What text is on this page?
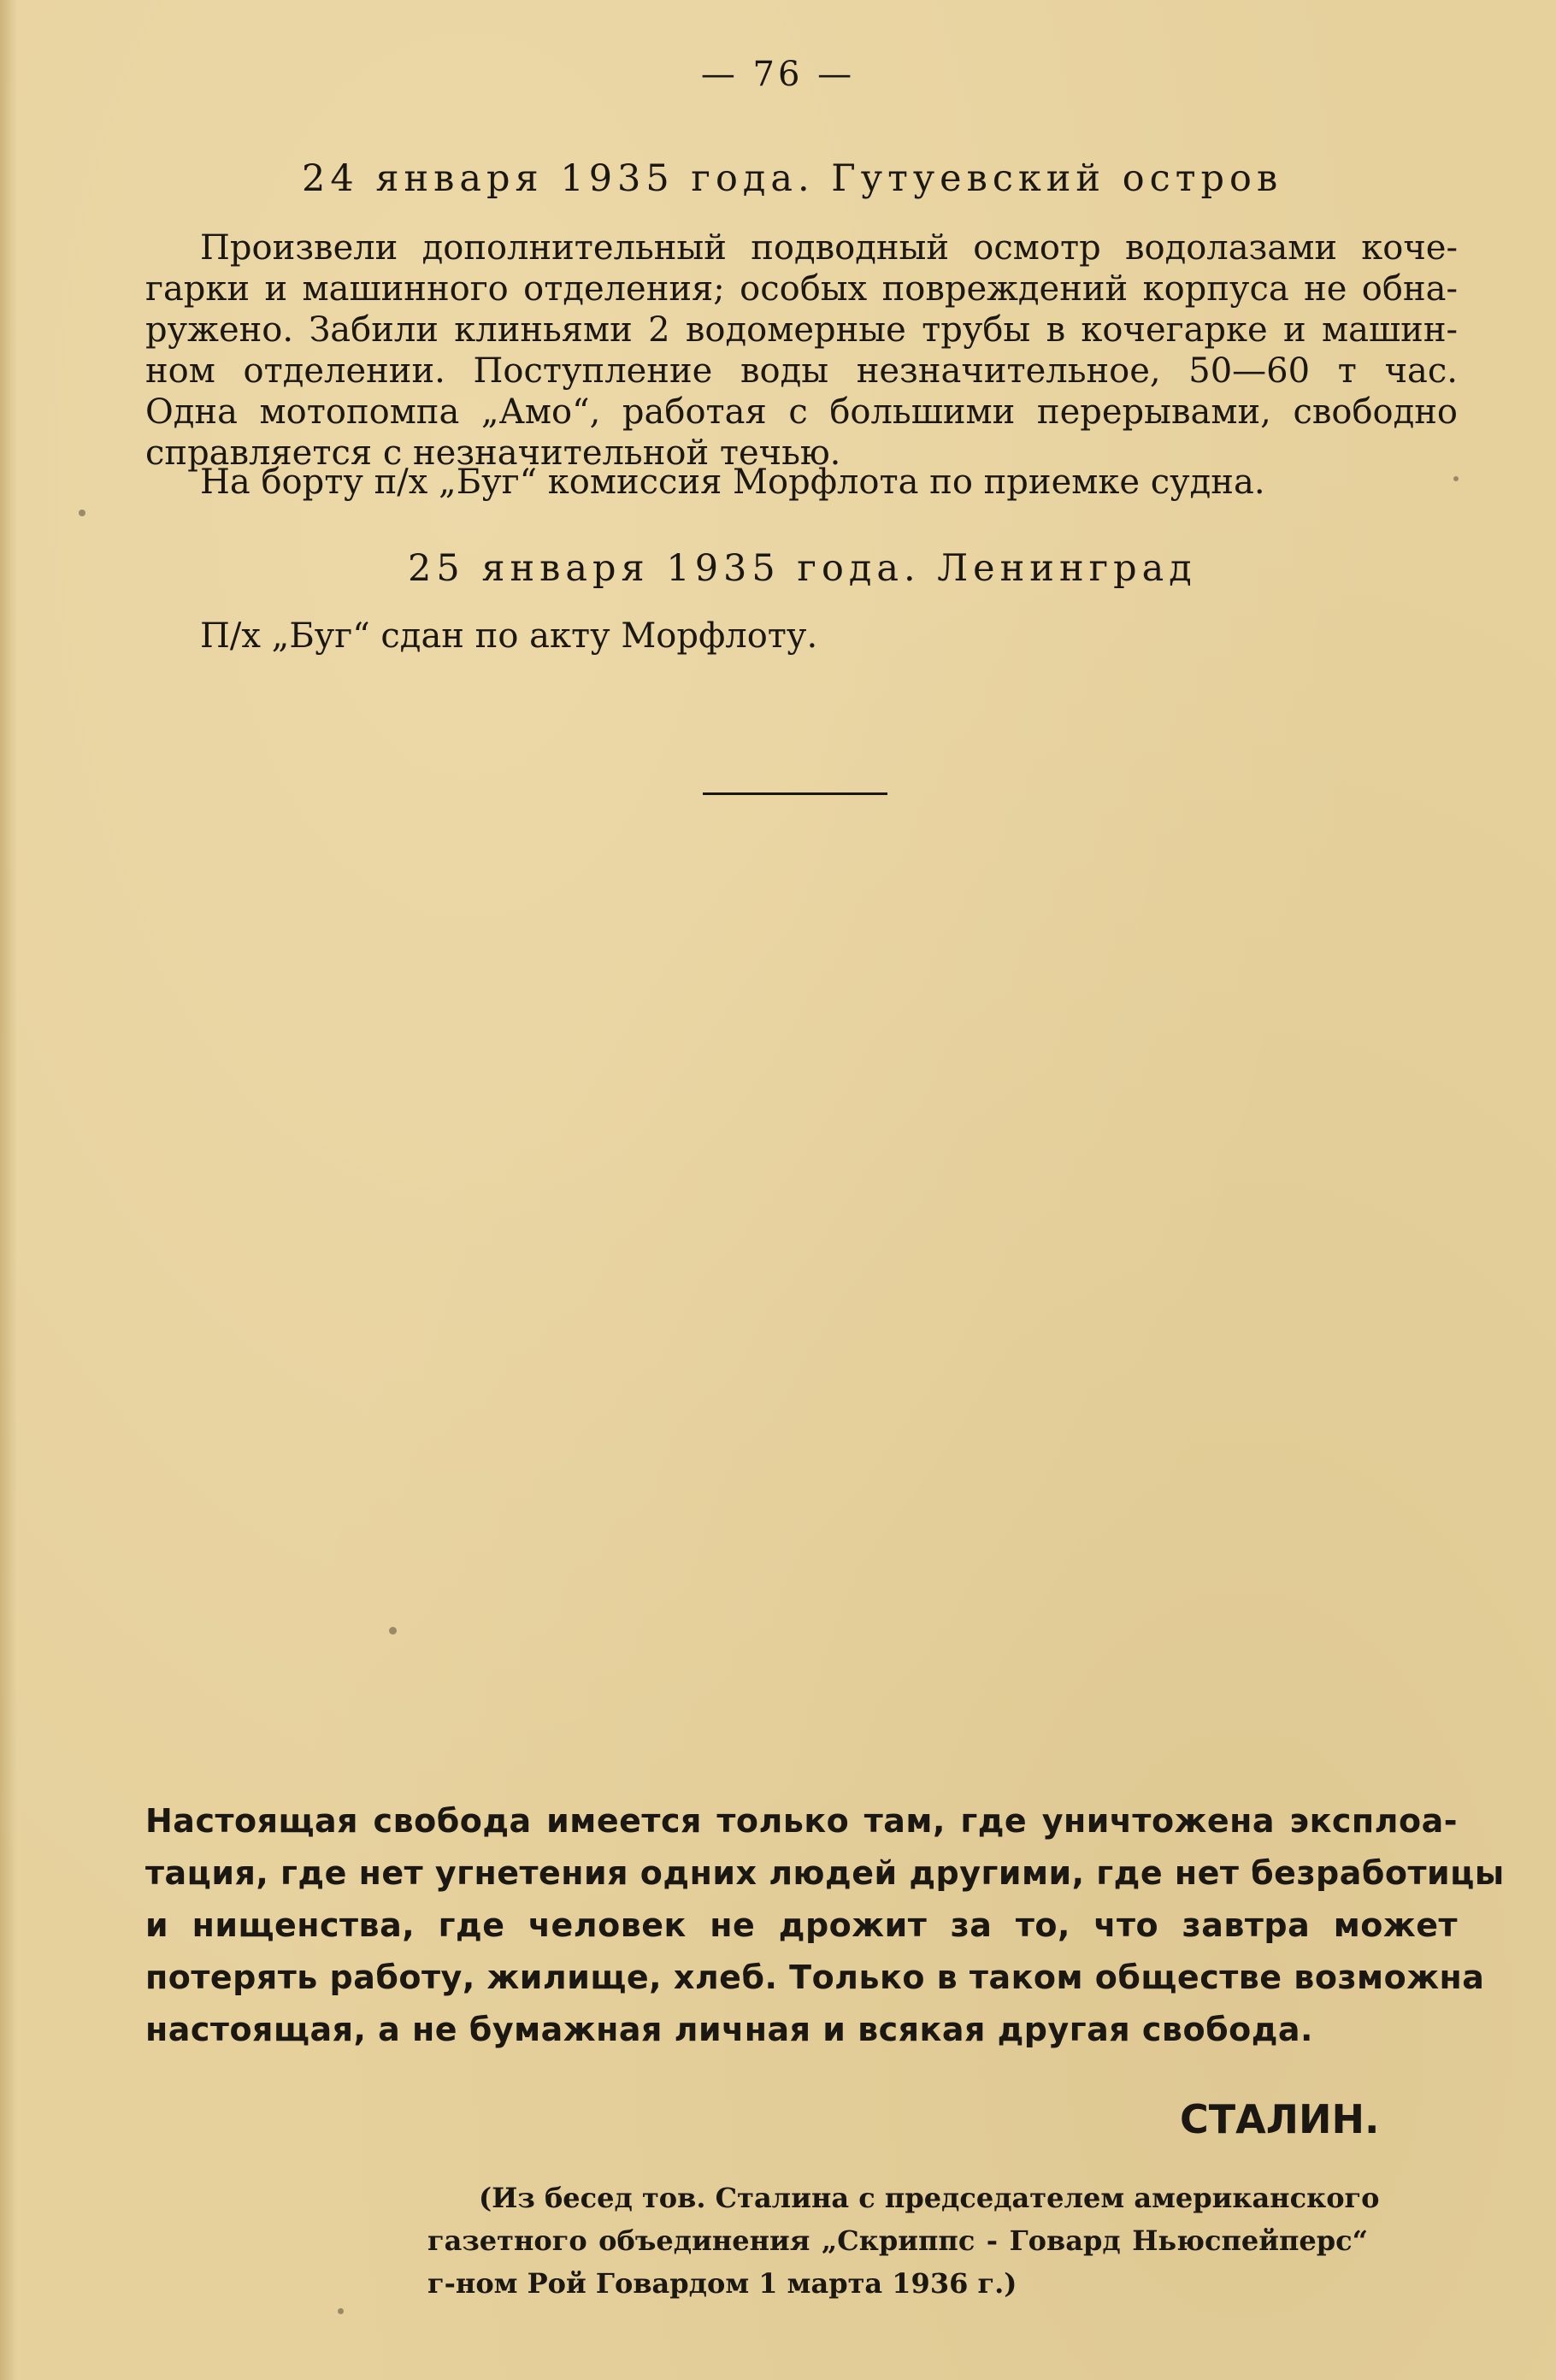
— 76 —
24 января 1935 года. Гутуевский остров
Произвели дополнительный подводный осмотр водолазами коче-
гарки и машинного отделения; особых повреждений корпуса не обна-
ружено. Забили клиньями 2 водомерные трубы в кочегарке и машин-
ном отделении. Поступление воды незначительное, 50—60 т час.
Одна мотопомпа „Амо“, работая с большими перерывами, свободно
справляется с незначительной течью.
На борту п/х „Буг“ комиссия Морфлота по приемке судна.
25 января 1935 года. Ленинград
П/х „Буг“ сдан по акту Морфлоту.
Настоящая свобода имеется только там, где уничтожена эксплоа-
тация, где нет угнетения одних людей другими, где нет безработицы
и нищенства, где человек не дрожит за то, что завтра может
потерять работу, жилище, хлеб. Только в таком обществе возможна
настоящая, а не бумажная личная и всякая другая свобода.
СТАЛИН.
(Из бесед тов. Сталина с председателем американского
газетного объединения „Скриппс - Говард Ньюспейперс“
г-ном Рой Говардом 1 марта 1936 г.)
